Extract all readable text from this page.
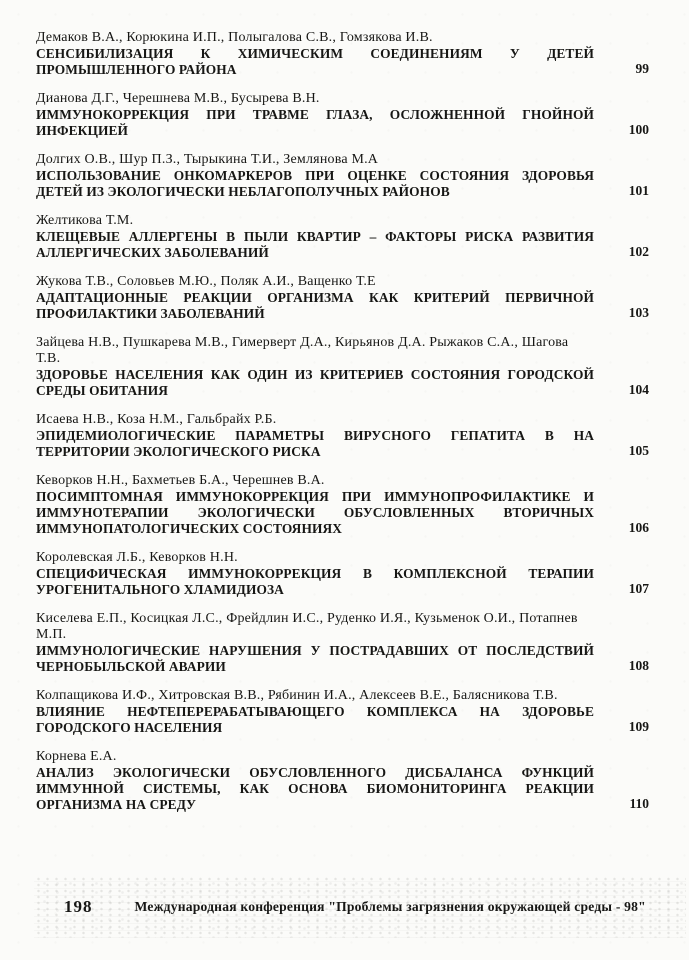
Демаков В.А., Корюкина И.П., Полыгалова С.В., Гомзякова И.В.
СЕНСИБИЛИЗАЦИЯ К ХИМИЧЕСКИМ СОЕДИНЕНИЯМ У ДЕТЕЙ ПРОМЫШЛЕННОГО РАЙОНА	99
Дианова Д.Г., Черешнева М.В., Бусырева В.Н.
ИММУНОКОРРЕКЦИЯ ПРИ ТРАВМЕ ГЛАЗА, ОСЛОЖНЕННОЙ ГНОЙНОЙ ИНФЕКЦИЕЙ	100
Долгих О.В., Шур П.З., Тырыкина Т.И., Землянова М.А
ИСПОЛЬЗОВАНИЕ ОНКОМАРКЕРОВ ПРИ ОЦЕНКЕ СОСТОЯНИЯ ЗДОРОВЬЯ ДЕТЕЙ ИЗ ЭКОЛОГИЧЕСКИ НЕБЛАГОПОЛУЧНЫХ РАЙОНОВ	101
Желтикова Т.М.
КЛЕЩЕВЫЕ АЛЛЕРГЕНЫ В ПЫЛИ КВАРТИР – ФАКТОРЫ РИСКА РАЗВИТИЯ АЛЛЕРГИЧЕСКИХ ЗАБОЛЕВАНИЙ	102
Жукова Т.В., Соловьев М.Ю., Поляк А.И., Ващенко Т.Е
АДАПТАЦИОННЫЕ РЕАКЦИИ ОРГАНИЗМА КАК КРИТЕРИЙ ПЕРВИЧНОЙ ПРОФИЛАКТИКИ ЗАБОЛЕВАНИЙ	103
Зайцева Н.В., Пушкарева М.В., Гимерверт Д.А., Кирьянов Д.А. Рыжаков С.А., Шагова Т.В.
ЗДОРОВЬЕ НАСЕЛЕНИЯ КАК ОДИН ИЗ КРИТЕРИЕВ СОСТОЯНИЯ ГОРОДСКОЙ СРЕДЫ ОБИТАНИЯ	104
Исаева Н.В., Коза Н.М., Гальбрайх Р.Б.
ЭПИДЕМИОЛОГИЧЕСКИЕ ПАРАМЕТРЫ ВИРУСНОГО ГЕПАТИТА В НА ТЕРРИТОРИИ ЭКОЛОГИЧЕСКОГО РИСКА	105
Кеворков Н.Н., Бахметьев Б.А., Черешнев В.А.
ПОСИМПТОМНАЯ ИММУНОКОРРЕКЦИЯ ПРИ ИММУНОПРОФИЛАКТИКЕ И ИММУНОТЕРАПИИ ЭКОЛОГИЧЕСКИ ОБУСЛОВЛЕННЫХ ВТОРИЧНЫХ ИММУНОПАТОЛОГИЧЕСКИХ СОСТОЯНИЯХ	106
Королевская Л.Б., Кеворков Н.Н.
СПЕЦИФИЧЕСКАЯ ИММУНОКОРРЕКЦИЯ В КОМПЛЕКСНОЙ ТЕРАПИИ УРОГЕНИТАЛЬНОГО ХЛАМИДИОЗА	107
Киселева Е.П., Косицкая Л.С., Фрейдлин И.С., Руденко И.Я., Кузьменок О.И., Потапнев М.П.
ИММУНОЛОГИЧЕСКИЕ НАРУШЕНИЯ У ПОСТРАДАВШИХ ОТ ПОСЛЕДСТВИЙ ЧЕРНОБЫЛЬСКОЙ АВАРИИ	108
Колпащикова И.Ф., Хитровская В.В., Рябинин И.А., Алексеев В.Е., Балясникова Т.В.
ВЛИЯНИЕ НЕФТЕПЕРЕРАБАТЫВАЮЩЕГО КОМПЛЕКСА НА ЗДОРОВЬЕ ГОРОДСКОГО НАСЕЛЕНИЯ	109
Корнева Е.А.
АНАЛИЗ ЭКОЛОГИЧЕСКИ ОБУСЛОВЛЕННОГО ДИСБАЛАНСА ФУНКЦИЙ ИММУННОЙ СИСТЕМЫ, КАК ОСНОВА БИОМОНИТОРИНГА РЕАКЦИИ ОРГАНИЗМА НА СРЕДУ	110
198	Международная конференция "Проблемы загрязнения окружающей среды - 98"
